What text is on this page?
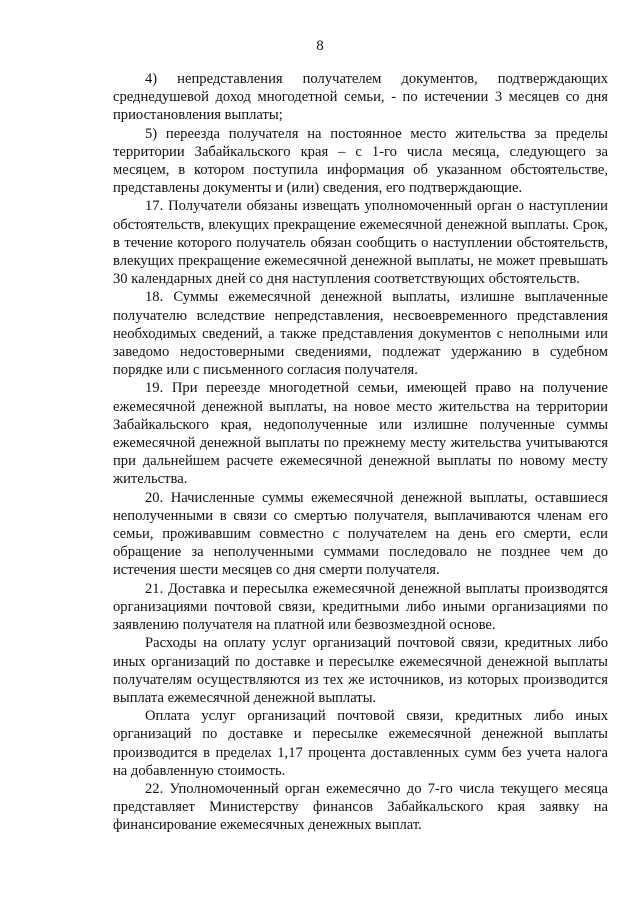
8

4) непредставления получателем документов, подтверждающих среднедушевой доход многодетной семьи, - по истечении 3 месяцев со дня приостановления выплаты;

5) переезда получателя на постоянное место жительства за пределы территории Забайкальского края – с 1-го числа месяца, следующего за месяцем, в котором поступила информация об указанном обстоятельстве, представлены документы и (или) сведения, его подтверждающие.

17. Получатели обязаны извещать уполномоченный орган о наступлении обстоятельств, влекущих прекращение ежемесячной денежной выплаты. Срок, в течение которого получатель обязан сообщить о наступлении обстоятельств, влекущих прекращение ежемесячной денежной выплаты, не может превышать 30 календарных дней со дня наступления соответствующих обстоятельств.

18. Суммы ежемесячной денежной выплаты, излишне выплаченные получателю вследствие непредставления, несвоевременного представления необходимых сведений, а также представления документов с неполными или заведомо недостоверными сведениями, подлежат удержанию в судебном порядке или с письменного согласия получателя.

19. При переезде многодетной семьи, имеющей право на получение ежемесячной денежной выплаты, на новое место жительства на территории Забайкальского края, недополученные или излишне полученные суммы ежемесячной денежной выплаты по прежнему месту жительства учитываются при дальнейшем расчете ежемесячной денежной выплаты по новому месту жительства.

20. Начисленные суммы ежемесячной денежной выплаты, оставшиеся неполученными в связи со смертью получателя, выплачиваются членам его семьи, проживавшим совместно с получателем на день его смерти, если обращение за неполученными суммами последовало не позднее чем до истечения шести месяцев со дня смерти получателя.

21. Доставка и пересылка ежемесячной денежной выплаты производятся организациями почтовой связи, кредитными либо иными организациями по заявлению получателя на платной или безвозмездной основе.

Расходы на оплату услуг организаций почтовой связи, кредитных либо иных организаций по доставке и пересылке ежемесячной денежной выплаты получателям осуществляются из тех же источников, из которых производится выплата ежемесячной денежной выплаты.

Оплата услуг организаций почтовой связи, кредитных либо иных организаций по доставке и пересылке ежемесячной денежной выплаты производится в пределах 1,17 процента доставленных сумм без учета налога на добавленную стоимость.

22. Уполномоченный орган ежемесячно до 7-го числа текущего месяца представляет Министерству финансов Забайкальского края заявку на финансирование ежемесячных денежных выплат.
